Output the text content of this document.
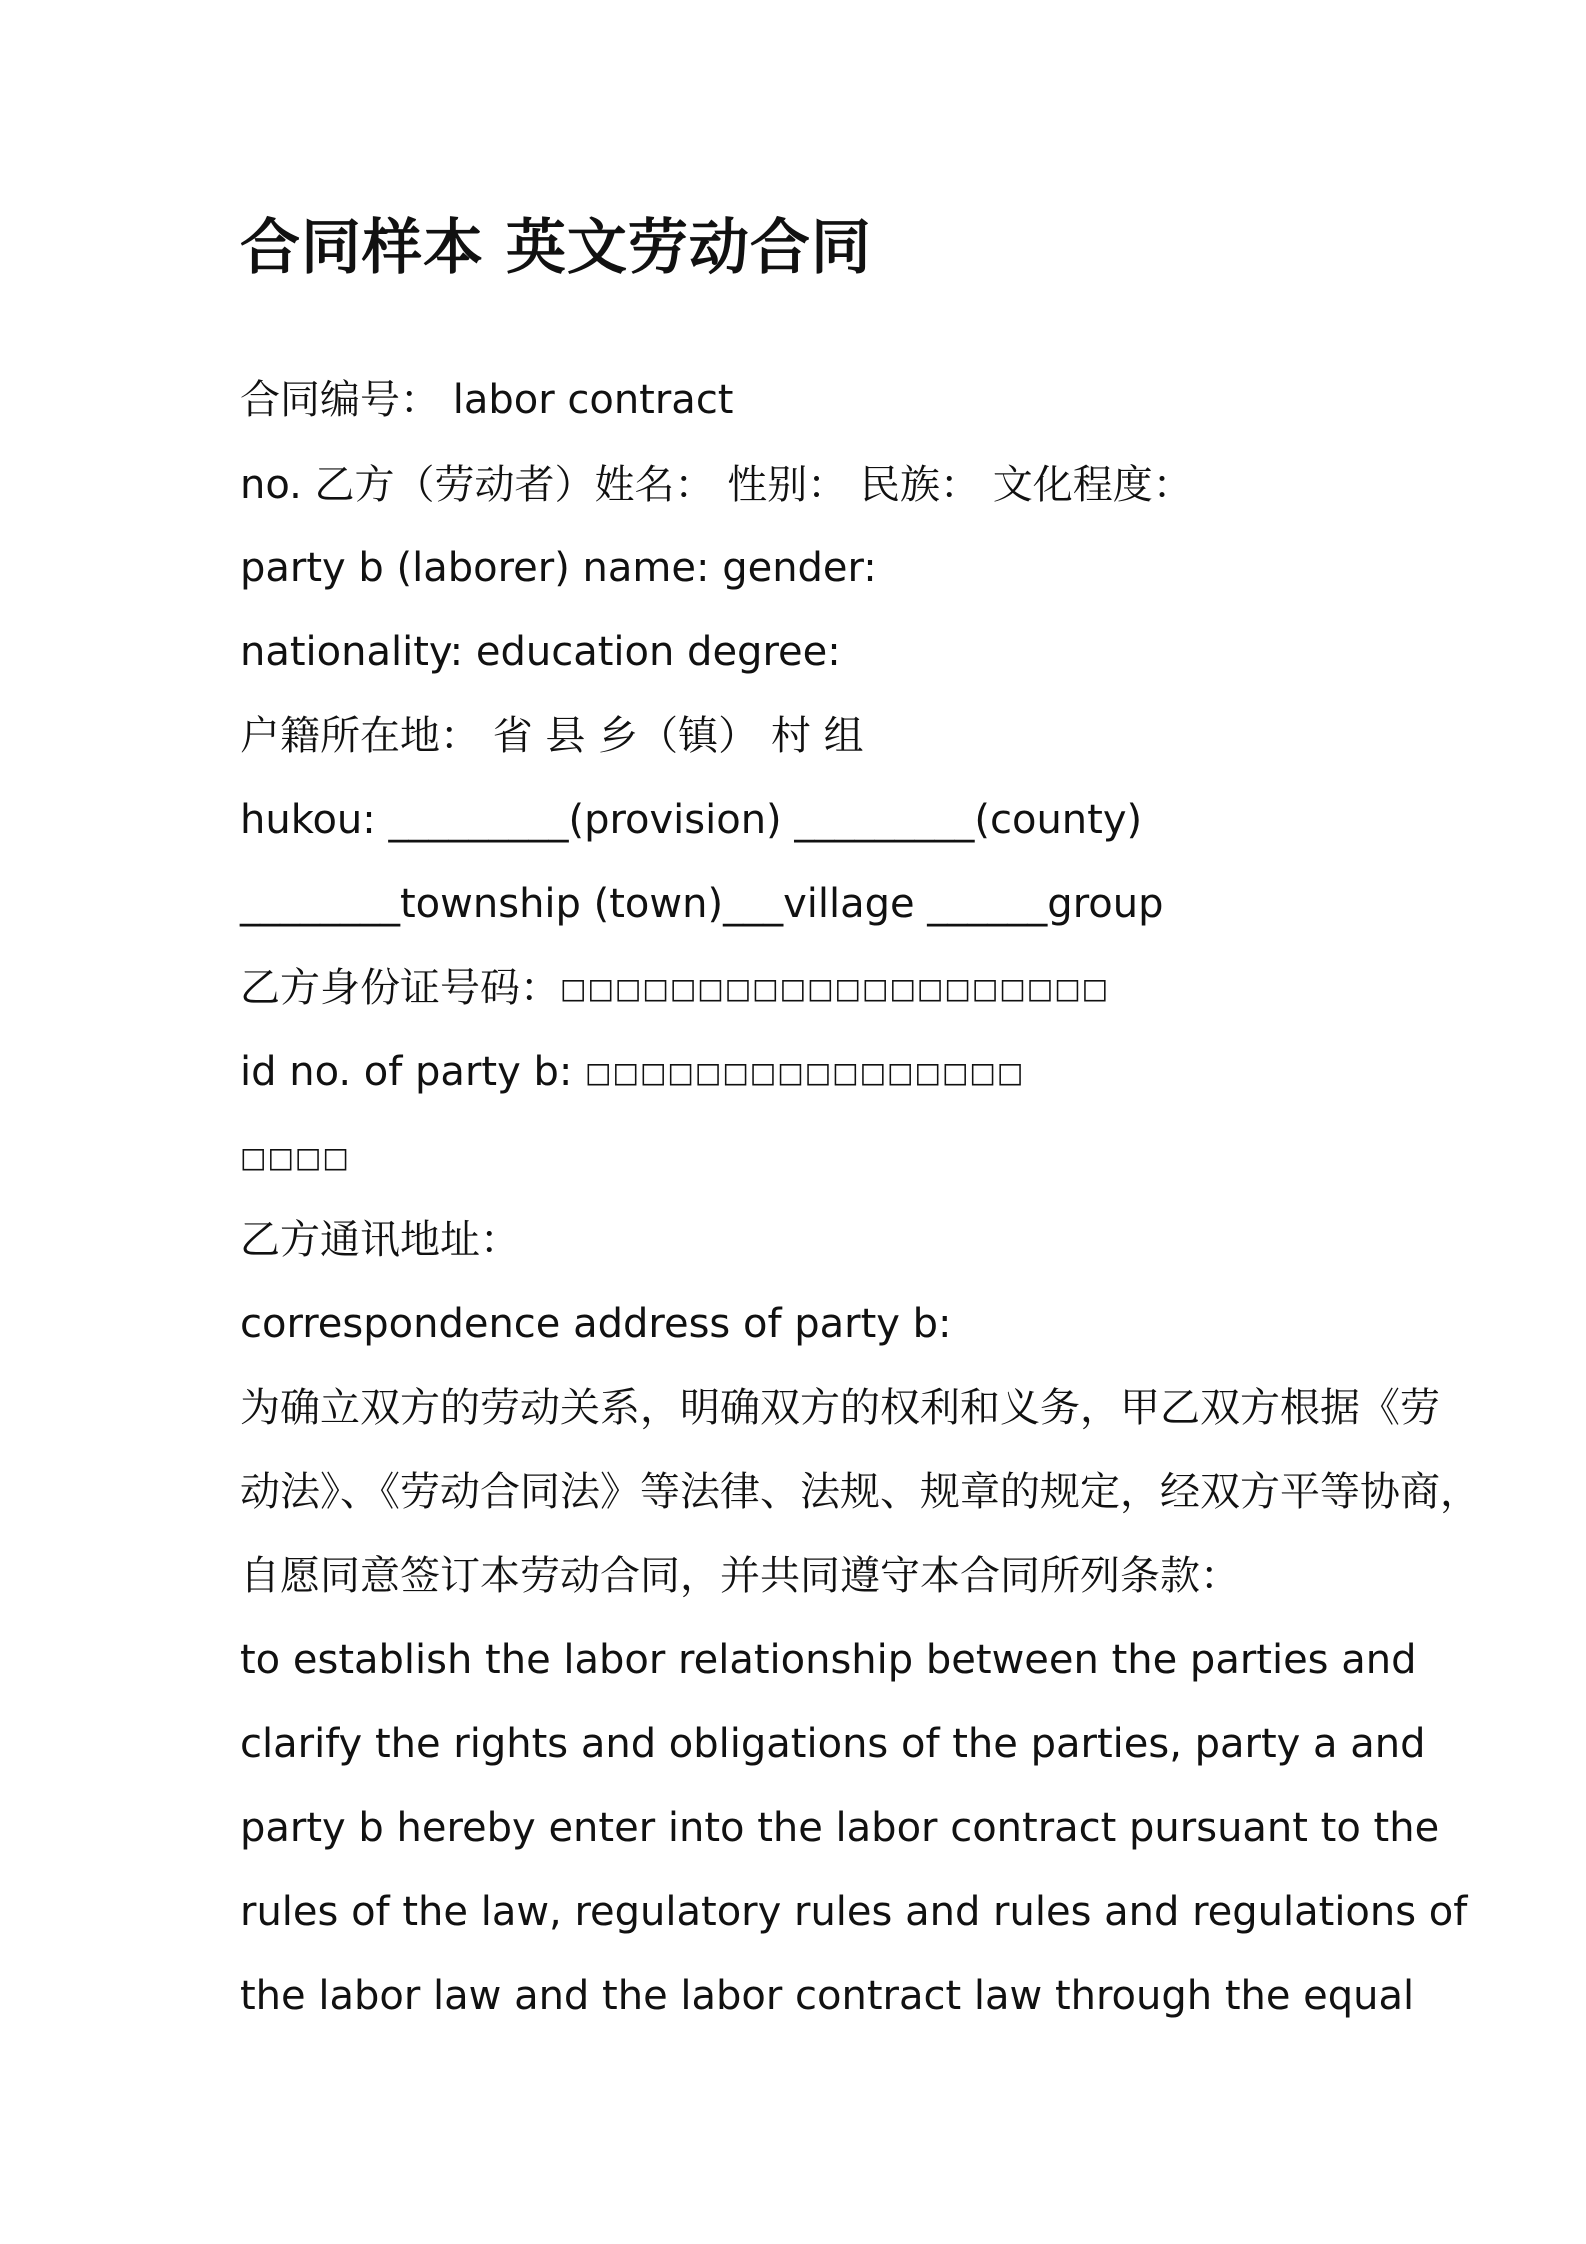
合同样本 英文劳动合同
合同编号： labor contract
no. 乙方（劳动者）姓名： 性别： 民族： 文化程度：
party b (laborer) name: gender:
nationality: education degree:
户籍所在地： 省 县 乡（镇） 村 组
hukou: _________(provision) _________(county)
________township (town)___village ______group
乙方身份证号码：□□□□□□□□□□□□□□□□□□□□
id no. of party b: □□□□□□□□□□□□□□□□
□□□□
乙方通讯地址：
correspondence address of party b:
为确立双方的劳动关系，明确双方的权利和义务，甲乙双方根据《劳
动法》、《劳动合同法》等法律、法规、规章的规定，经双方平等协商，
自愿同意签订本劳动合同，并共同遵守本合同所列条款：
to establish the labor relationship between the parties and
clarify the rights and obligations of the parties, party a and
party b hereby enter into the labor contract pursuant to the
rules of the law, regulatory rules and rules and regulations of
the labor law and the labor contract law through the equal
